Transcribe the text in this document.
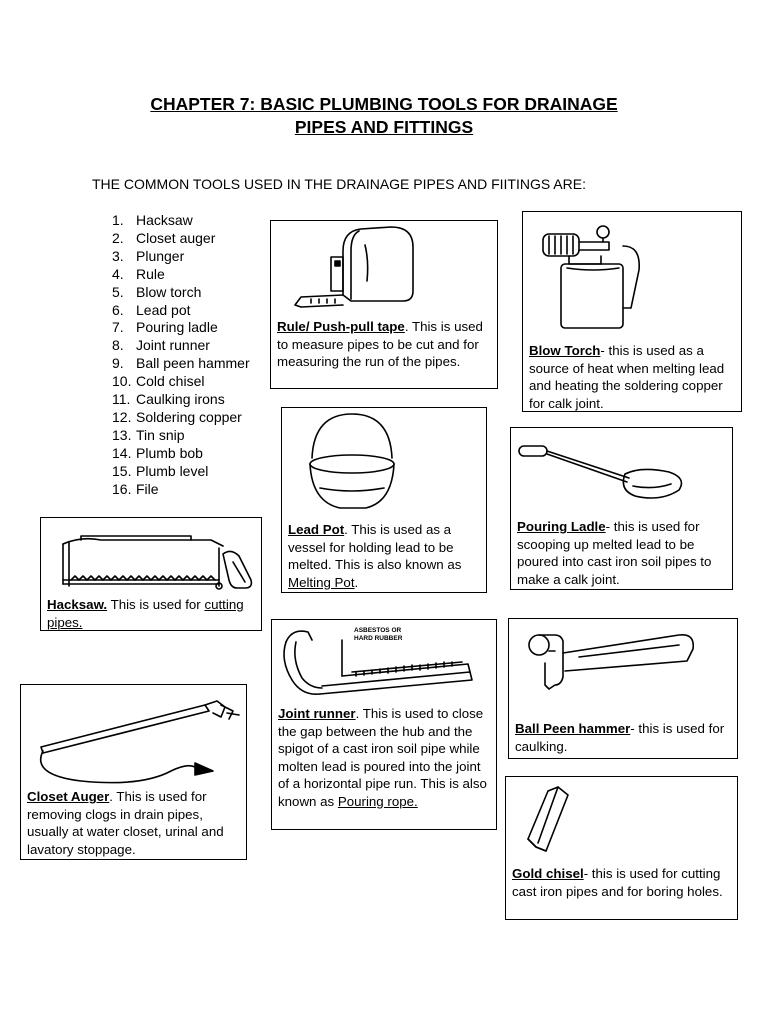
CHAPTER 7: BASIC PLUMBING TOOLS FOR DRAINAGE
PIPES AND FITTINGS
THE COMMON TOOLS USED IN THE DRAINAGE PIPES AND FIITINGS ARE:
1. Hacksaw
2. Closet auger
3. Plunger
4. Rule
5. Blow torch
6. Lead pot
7. Pouring ladle
8. Joint runner
9. Ball peen hammer
10. Cold chisel
11. Caulking irons
12. Soldering copper
13. Tin snip
14. Plumb bob
15. Plumb level
16. File
Rule/ Push-pull tape. This is used to measure pipes to be cut and for measuring the run of the pipes.
Blow Torch- this is used as a source of heat when melting lead and heating the soldering copper for calk joint.
Lead Pot. This is used as a vessel for holding lead to be melted. This is also known as Melting Pot.
Pouring Ladle- this is used for scooping up melted lead to be poured into cast iron soil pipes to make a calk joint.
Hacksaw. This is used for cutting pipes.
ASBESTOS OR
HARD RUBBER
Joint runner. This is used to close the gap between the hub and the spigot of a cast iron soil pipe while molten lead is poured into the joint of a horizontal pipe run. This is also known as Pouring rope.
Ball Peen hammer- this is used for caulking.
Closet Auger. This is used for removing clogs in drain pipes, usually at water closet, urinal and lavatory stoppage.
Gold chisel- this is used for cutting cast iron pipes and for boring holes.
